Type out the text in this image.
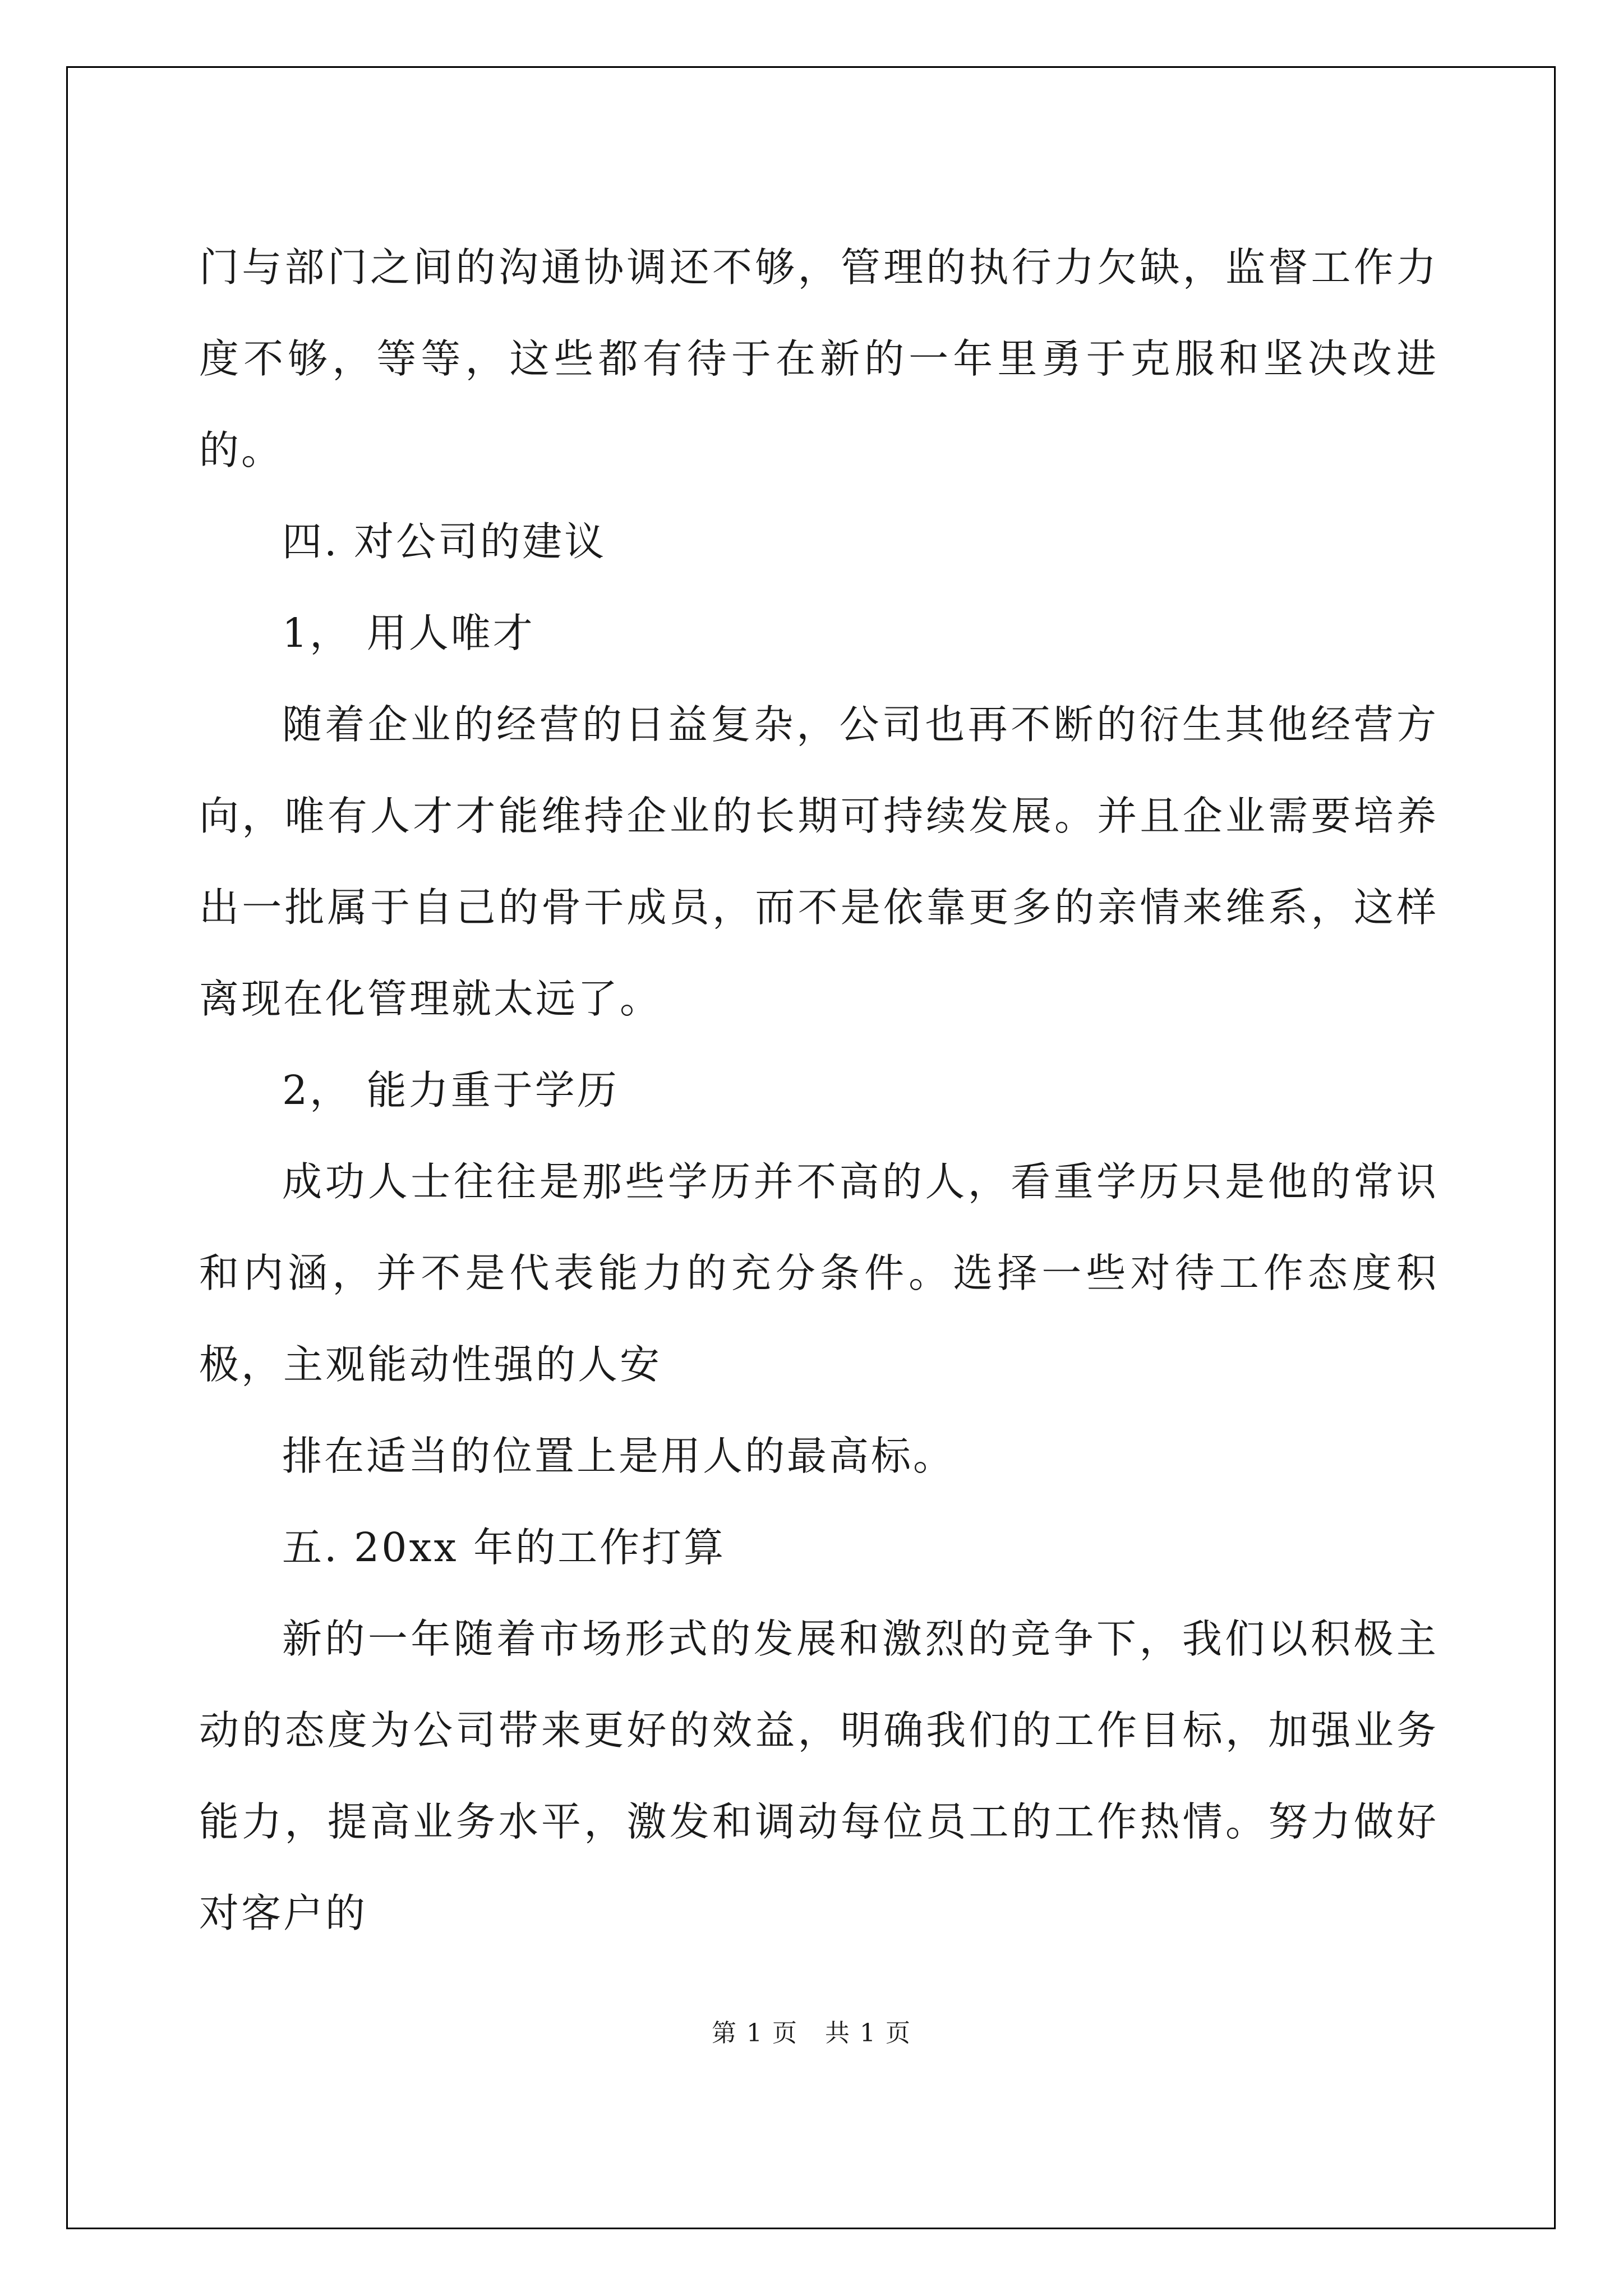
门与部门之间的沟通协调还不够，管理的执行力欠缺，监督工作力度不够，等等，这些都有待于在新的一年里勇于克服和坚决改进的。

四. 对公司的建议

1， 用人唯才

随着企业的经营的日益复杂，公司也再不断的衍生其他经营方向，唯有人才才能维持企业的长期可持续发展。并且企业需要培养出一批属于自己的骨干成员，而不是依靠更多的亲情来维系，这样离现在化管理就太远了。

2， 能力重于学历

成功人士往往是那些学历并不高的人，看重学历只是他的常识和内涵，并不是代表能力的充分条件。选择一些对待工作态度积极，主观能动性强的人安

排在适当的位置上是用人的最高标。

五. 20xx 年的工作打算

新的一年随着市场形式的发展和激烈的竞争下，我们以积极主动的态度为公司带来更好的效益，明确我们的工作目标，加强业务能力，提高业务水平，激发和调动每位员工的工作热情。努力做好对客户的

第 1 页 共 1 页
